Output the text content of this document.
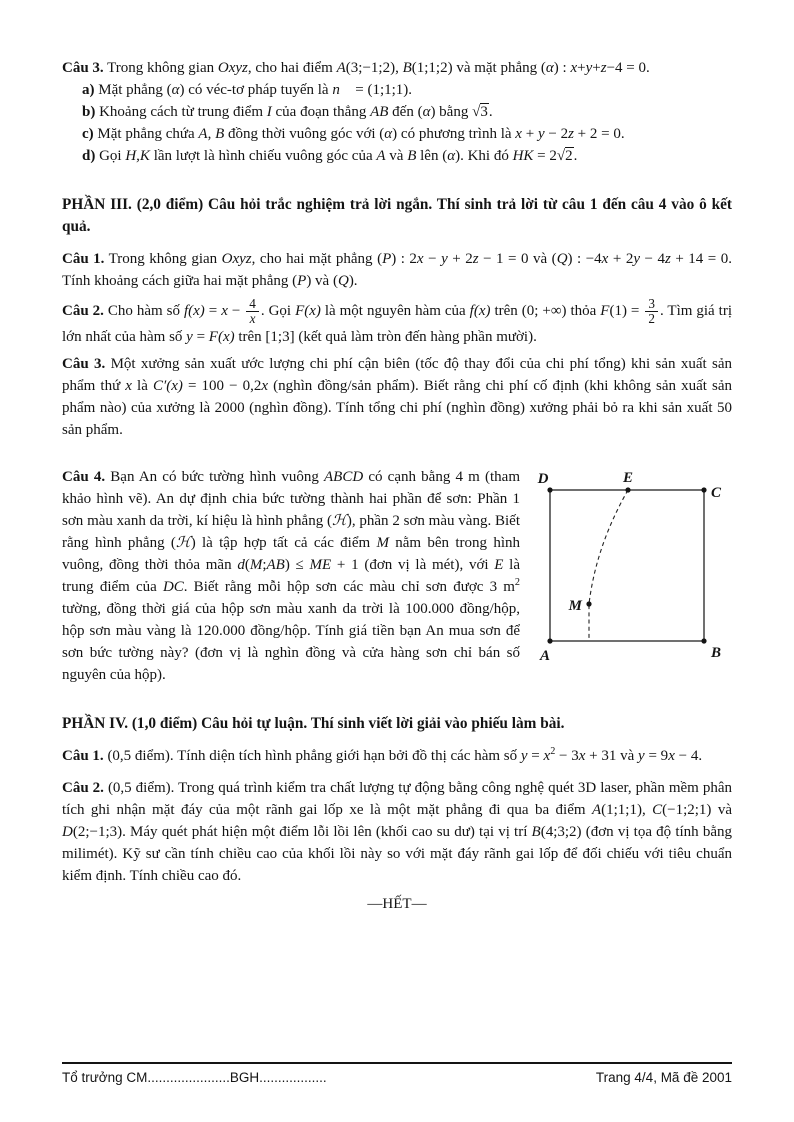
Câu 3. Trong không gian Oxyz, cho hai điểm A(3;−1;2), B(1;1;2) và mặt phẳng (α) : x+y+z−4 = 0.

a) Mặt phẳng (α) có véc-tơ pháp tuyến là n⃗ = (1;1;1).

b) Khoảng cách từ trung điểm I của đoạn thẳng AB đến (α) bằng √3.

c) Mặt phẳng chứa A, B đồng thời vuông góc với (α) có phương trình là x + y − 2z + 2 = 0.

d) Gọi H,K lần lượt là hình chiếu vuông góc của A và B lên (α). Khi đó HK = 2√2.

PHẦN III. (2,0 điểm) Câu hỏi trắc nghiệm trả lời ngắn. Thí sinh trả lời từ câu 1 đến câu 4 vào ô kết quả.

Câu 1. Trong không gian Oxyz, cho hai mặt phẳng (P) : 2x − y + 2z − 1 = 0 và (Q) : −4x + 2y − 4z + 14 = 0. Tính khoảng cách giữa hai mặt phẳng (P) và (Q).

Câu 2. Cho hàm số $f(x) = x - \frac{4}{x}$ . Gọi F(x) là một nguyên hàm của f(x) trên (0; +∞) thỏa $F(1) = \frac{3}{2}$ . Tìm giá trị lớn nhất của hàm số y = F(x) trên [1;3] (kết quả làm tròn đến hàng phần mười).

Câu 3. Một xưởng sản xuất ước lượng chi phí cận biên (tốc độ thay đổi của chi phí tổng) khi sản xuất sản phẩm thứ x là C′(x) = 100 − 0,2x (nghìn đồng/sản phẩm). Biết rằng chi phí cố định (khi không sản xuất sản phẩm nào) của xưởng là 2000 (nghìn đồng). Tính tổng chi phí (nghìn đồng) xưởng phải bỏ ra khi sản xuất 50 sản phẩm.

Câu 4. Bạn An có bức tường hình vuông ABCD có cạnh bằng 4 m (tham khảo hình vẽ). An dự định chia bức tường thành hai phần để sơn: Phần 1 sơn màu xanh da trời, kí hiệu là hình phẳng (ℋ), phần 2 sơn màu vàng. Biết rằng hình phẳng (ℋ) là tập hợp tất cả các điểm M nằm bên trong hình vuông, đồng thời thỏa mãn d(M;AB) ≤ ME + 1 (đơn vị là mét), với E là trung điểm của DC. Biết rằng mỗi hộp sơn các màu chỉ sơn được 3 $m^2$ tường, đồng thời giá của hộp sơn màu xanh da trời là 100.000 đồng/hộp, hộp sơn màu vàng là 120.000 đồng/hộp. Tính giá tiền bạn An mua sơn để sơn bức tường này? (đơn vị là nghìn đồng và cửa hàng sơn chỉ bán số nguyên của hộp).

D	E
C
A	B
M

PHẦN IV. (1,0 điểm) Câu hỏi tự luận. Thí sinh viết lời giải vào phiếu làm bài.

Câu 1. (0,5 điểm). Tính diện tích hình phẳng giới hạn bởi đồ thị các hàm số $y = x^2 - 3x + 31$ và y = 9x − 4.

Câu 2. (0,5 điểm). Trong quá trình kiểm tra chất lượng tự động bằng công nghệ quét 3D laser, phần mềm phân tích ghi nhận mặt đáy của một rãnh gai lốp xe là một mặt phẳng đi qua ba điểm A(1;1;1), C(−1;2;1) và D(2;−1;3). Máy quét phát hiện một điểm lỗi lồi lên (khối cao su dư) tại vị trí B(4;3;2) (đơn vị tọa độ tính bằng milimét). Kỹ sư cần tính chiều cao của khối lồi này so với mặt đáy rãnh gai lốp để đối chiếu với tiêu chuẩn kiểm định. Tính chiều cao đó.

—HẾT—

Tổ trưởng CM......................BGH..................	Trang 4/4, Mã đề 2001
